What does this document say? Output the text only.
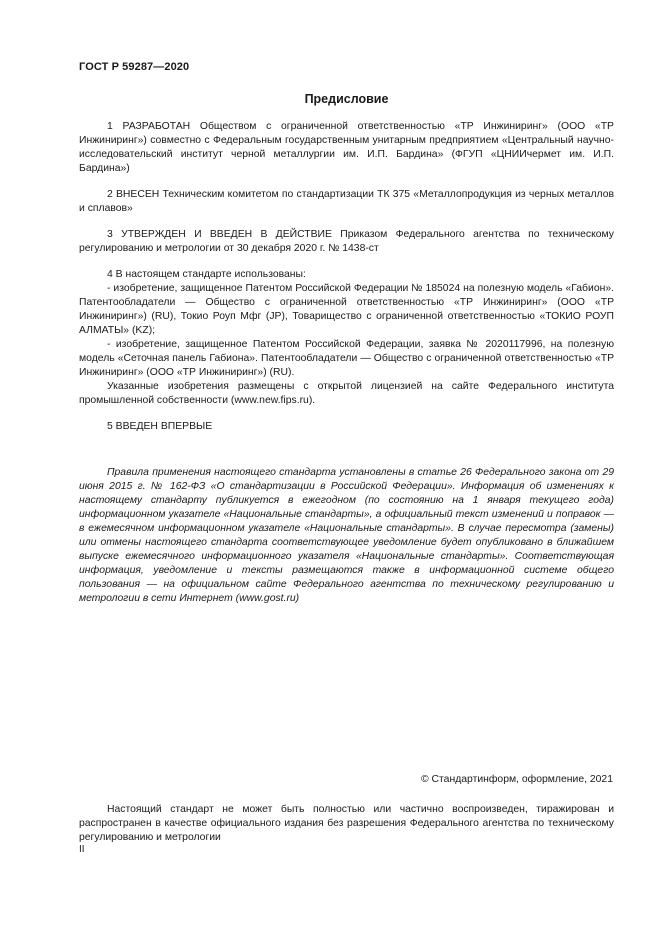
ГОСТ Р 59287—2020
Предисловие

1 РАЗРАБОТАН Обществом с ограниченной ответственностью «ТР Инжиниринг» (ООО «ТР Инжиниринг») совместно с Федеральным государственным унитарным предприятием «Центральный научно-исследовательский институт черной металлургии им. И.П. Бардина» (ФГУП «ЦНИИчермет им. И.П. Бардина»)

2 ВНЕСЕН Техническим комитетом по стандартизации ТК 375 «Металлопродукция из черных металлов и сплавов»

3 УТВЕРЖДЕН И ВВЕДЕН В ДЕЙСТВИЕ Приказом Федерального агентства по техническому регулированию и метрологии от 30 декабря 2020 г. № 1438-ст

4 В настоящем стандарте использованы:

- изобретение, защищенное Патентом Российской Федерации № 185024 на полезную модель «Габион». Патентообладатели — Общество с ограниченной ответственностью «ТР Инжиниринг» (ООО «ТР Инжиниринг») (RU), Токио Роуп Мфг (JP), Товарищество с ограниченной ответственностью «ТОКИО РОУП АЛМАТЫ» (KZ);

- изобретение, защищенное Патентом Российской Федерации, заявка № 2020117996, на полезную модель «Сеточная панель Габиона». Патентообладатели — Общество с ограниченной ответственностью «ТР Инжиниринг» (ООО «ТР Инжиниринг») (RU).

Указанные изобретения размещены с открытой лицензией на сайте Федерального института промышленной собственности (www.new.fips.ru).

5 ВВЕДЕН ВПЕРВЫЕ

Правила применения настоящего стандарта установлены в статье 26 Федерального закона от 29 июня 2015 г. № 162-ФЗ «О стандартизации в Российской Федерации». Информация об изменениях к настоящему стандарту публикуется в ежегодном (по состоянию на 1 января текущего года) информационном указателе «Национальные стандарты», а официальный текст изменений и поправок — в ежемесячном информационном указателе «Национальные стандарты». В случае пересмотра (замены) или отмены настоящего стандарта соответствующее уведомление будет опубликовано в ближайшем выпуске ежемесячного информационного указателя «Национальные стандарты». Соответствующая информация, уведомление и тексты размещаются также в информационной системе общего пользования — на официальном сайте Федерального агентства по техническому регулированию и метрологии в сети Интернет (www.gost.ru)

© Стандартинформ, оформление, 2021

Настоящий стандарт не может быть полностью или частично воспроизведен, тиражирован и распространен в качестве официального издания без разрешения Федерального агентства по техническому регулированию и метрологии

II
